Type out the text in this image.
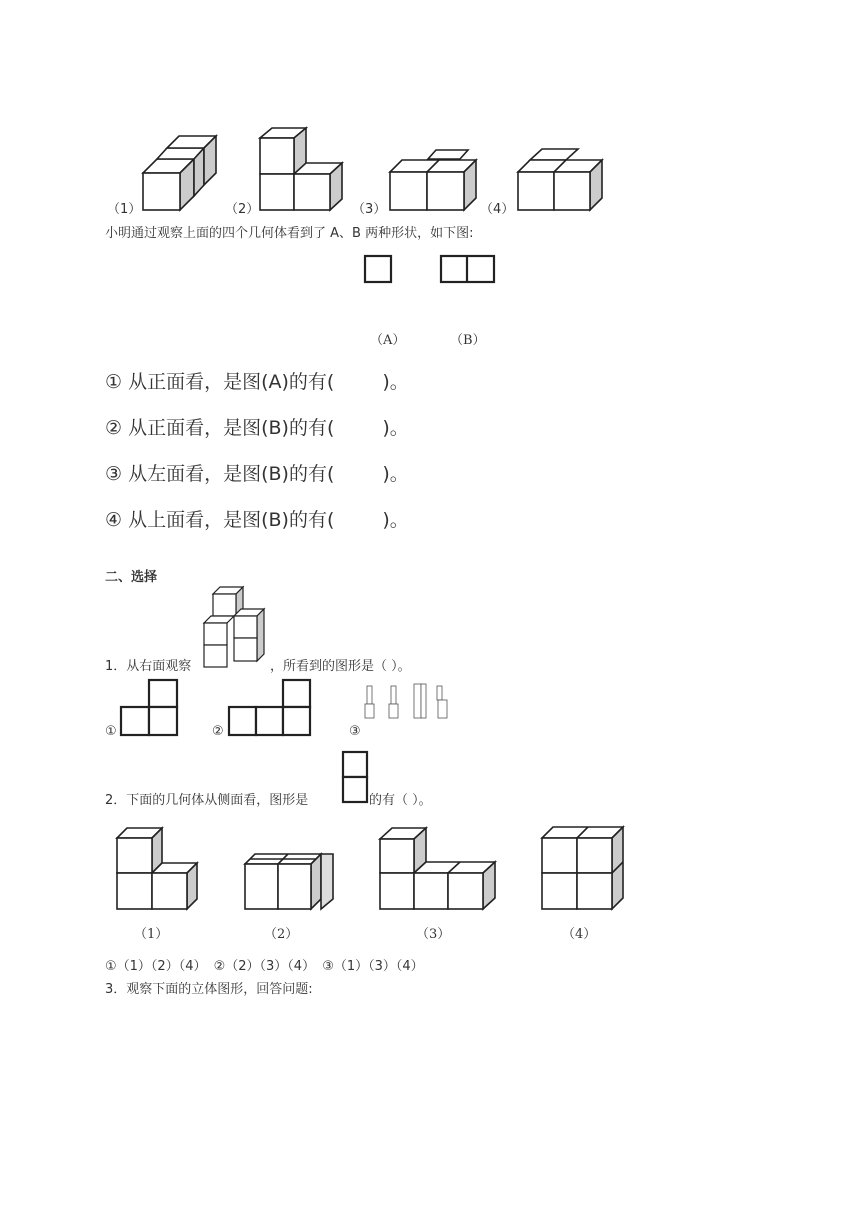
（1）	（2）	（3）	（4）
小明通过观察上面的四个几何体看到了 A、B 两种形状，如下图:
（A）	（B）
① 从正面看，是图(A)的有(	)。
② 从正面看，是图(B)的有(	)。
③ 从左面看，是图(B)的有(	)。
④ 从上面看，是图(B)的有(	)。
二、选择
1．从右面观察	，所看到的图形是（ ）。
①	②	③
2．下面的几何体从侧面看，图形是	的有（ ）。
（1）	（2）	（3）	（4）
①（1）（2）（4） ②（2）（3）（4） ③（1）（3）（4）
3．观察下面的立体图形，回答问题:
